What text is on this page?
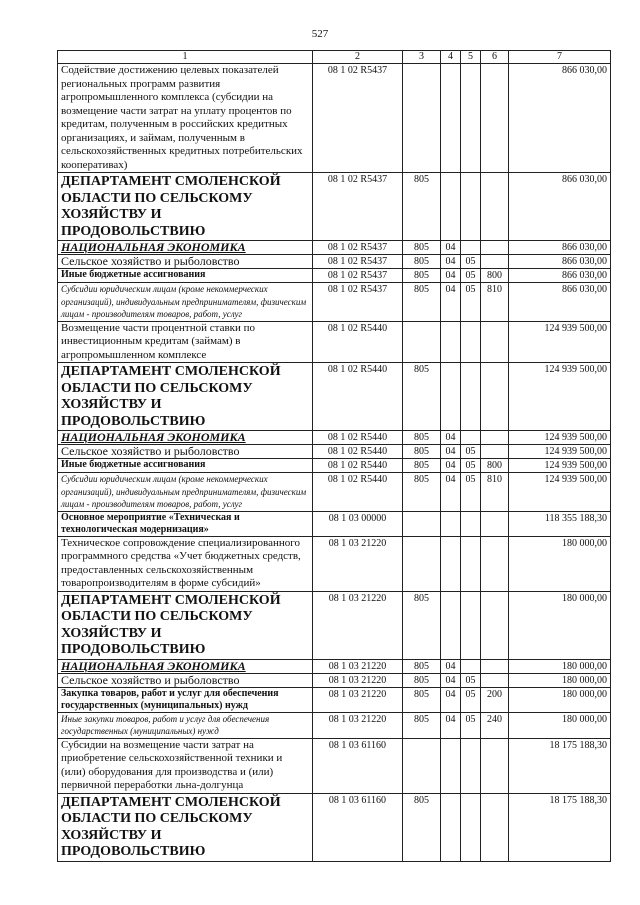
527
1	2	3	4	5	6	7
Содействие достижению целевых показателей региональных программ развития агропромышленного комплекса (субсидии на возмещение части затрат на уплату процентов по кредитам, полученным в российских кредитных организациях, и займам, полученным в сельскохозяйственных кредитных потребительских кооперативах)	08 1 02 R5437					866 030,00
ДЕПАРТАМЕНТ СМОЛЕНСКОЙ ОБЛАСТИ ПО СЕЛЬСКОМУ ХОЗЯЙСТВУ И ПРОДОВОЛЬСТВИЮ	08 1 02 R5437	805				866 030,00
НАЦИОНАЛЬНАЯ ЭКОНОМИКА	08 1 02 R5437	805	04			866 030,00
Сельское хозяйство и рыболовство	08 1 02 R5437	805	04	05		866 030,00
Иные бюджетные ассигнования	08 1 02 R5437	805	04	05	800	866 030,00
Субсидии юридическим лицам (кроме некоммерческих организаций), индивидуальным предпринимателям, физическим лицам - производителям товаров, работ, услуг	08 1 02 R5437	805	04	05	810	866 030,00
Возмещение части процентной ставки по инвестиционным кредитам (займам) в агропромышленном комплексе	08 1 02 R5440					124 939 500,00
ДЕПАРТАМЕНТ СМОЛЕНСКОЙ ОБЛАСТИ ПО СЕЛЬСКОМУ ХОЗЯЙСТВУ И ПРОДОВОЛЬСТВИЮ	08 1 02 R5440	805				124 939 500,00
НАЦИОНАЛЬНАЯ ЭКОНОМИКА	08 1 02 R5440	805	04			124 939 500,00
Сельское хозяйство и рыболовство	08 1 02 R5440	805	04	05		124 939 500,00
Иные бюджетные ассигнования	08 1 02 R5440	805	04	05	800	124 939 500,00
Субсидии юридическим лицам (кроме некоммерческих организаций), индивидуальным предпринимателям, физическим лицам - производителям товаров, работ, услуг	08 1 02 R5440	805	04	05	810	124 939 500,00
Основное мероприятие «Техническая и технологическая модернизация»	08 1 03 00000					118 355 188,30
Техническое сопровождение специализированного программного средства «Учет бюджетных средств, предоставленных сельскохозяйственным товаропроизводителям в форме субсидий»	08 1 03 21220					180 000,00
ДЕПАРТАМЕНТ СМОЛЕНСКОЙ ОБЛАСТИ ПО СЕЛЬСКОМУ ХОЗЯЙСТВУ И ПРОДОВОЛЬСТВИЮ	08 1 03 21220	805				180 000,00
НАЦИОНАЛЬНАЯ ЭКОНОМИКА	08 1 03 21220	805	04			180 000,00
Сельское хозяйство и рыболовство	08 1 03 21220	805	04	05		180 000,00
Закупка товаров, работ и услуг для обеспечения государственных (муниципальных) нужд	08 1 03 21220	805	04	05	200	180 000,00
Иные закупки товаров, работ и услуг для обеспечения государственных (муниципальных) нужд	08 1 03 21220	805	04	05	240	180 000,00
Субсидии на возмещение части затрат на приобретение сельскохозяйственной техники и (или) оборудования для производства и (или) первичной переработки льна-долгунца	08 1 03 61160					18 175 188,30
ДЕПАРТАМЕНТ СМОЛЕНСКОЙ ОБЛАСТИ ПО СЕЛЬСКОМУ ХОЗЯЙСТВУ И ПРОДОВОЛЬСТВИЮ	08 1 03 61160	805				18 175 188,30
